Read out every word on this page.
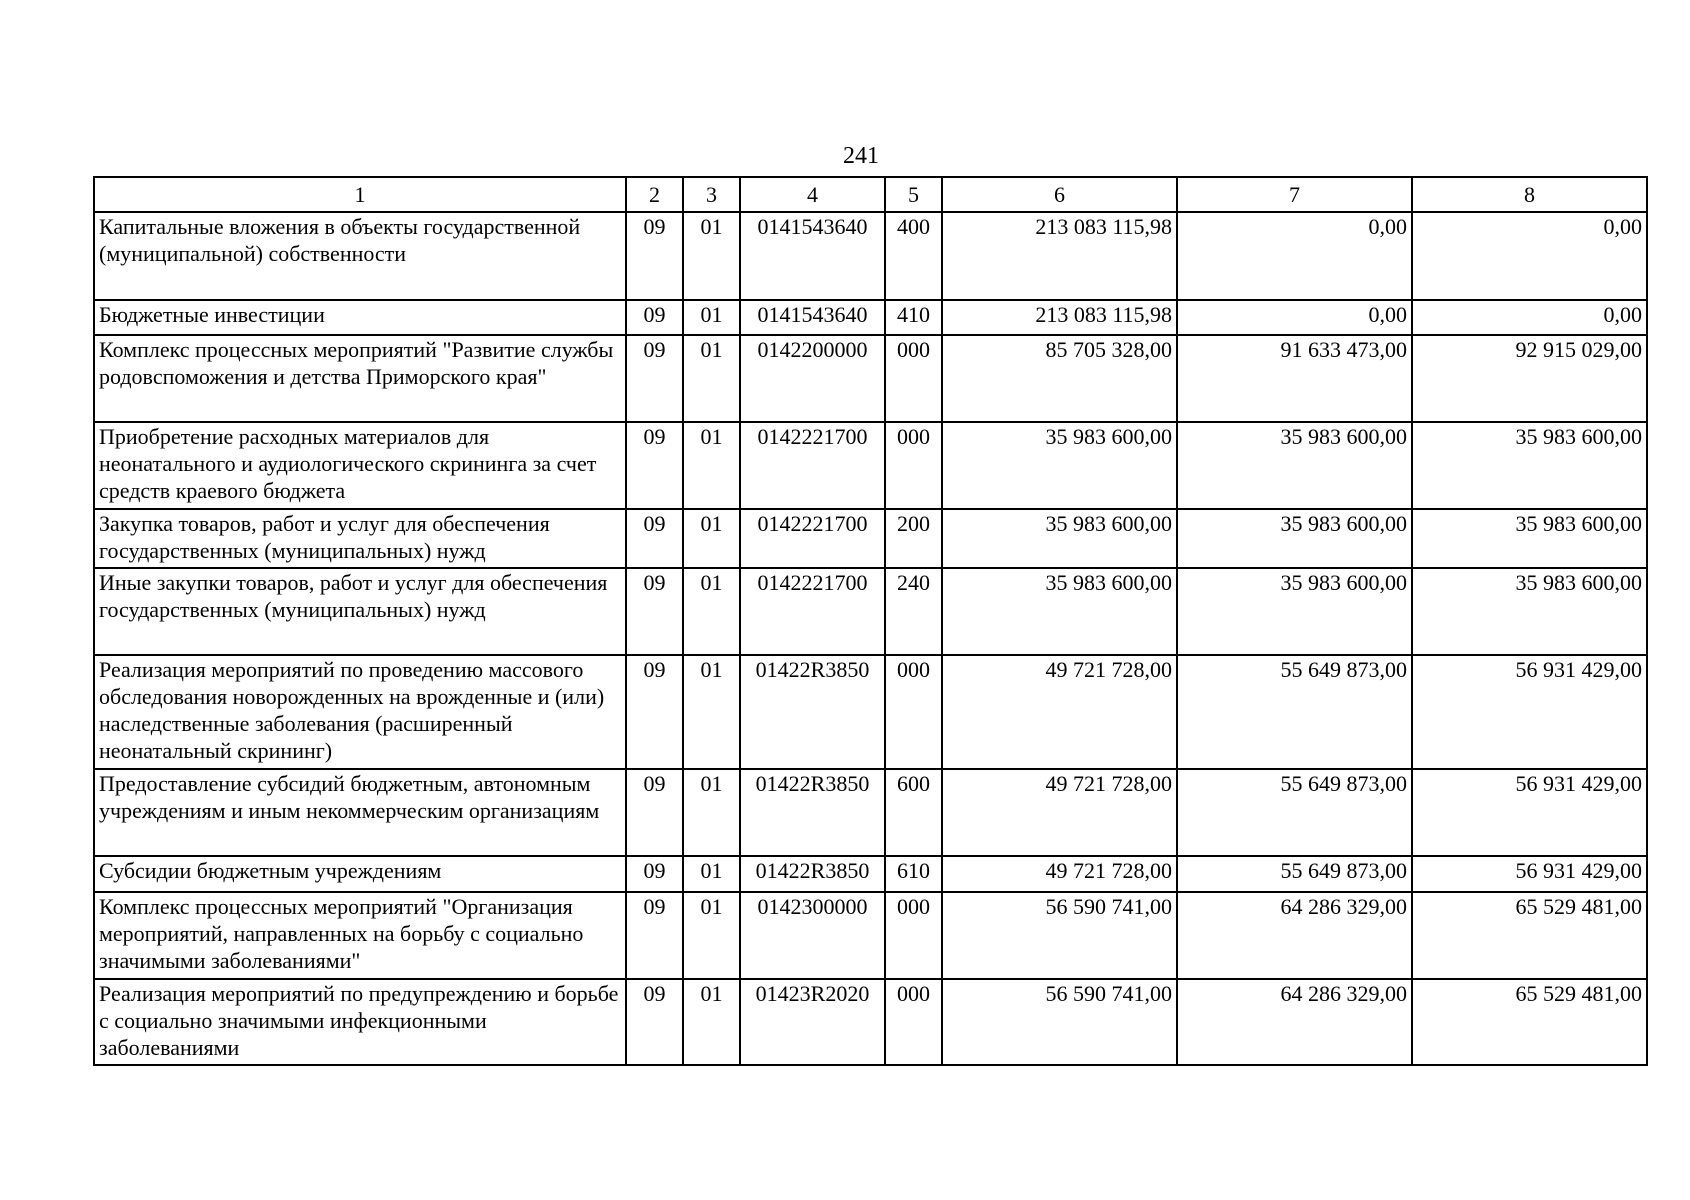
241
1	2	3	4	5	6	7	8
Капитальные вложения в объекты государственной (муниципальной) собственности	09	01	0141543640	400	213 083 115,98	0,00	0,00
Бюджетные инвестиции	09	01	0141543640	410	213 083 115,98	0,00	0,00
Комплекс процессных мероприятий "Развитие службы родовспоможения и детства Приморского края"	09	01	0142200000	000	85 705 328,00	91 633 473,00	92 915 029,00
Приобретение расходных материалов для неонатального и аудиологического скрининга за счет средств краевого бюджета	09	01	0142221700	000	35 983 600,00	35 983 600,00	35 983 600,00
Закупка товаров, работ и услуг для обеспечения государственных (муниципальных) нужд	09	01	0142221700	200	35 983 600,00	35 983 600,00	35 983 600,00
Иные закупки товаров, работ и услуг для обеспечения государственных (муниципальных) нужд	09	01	0142221700	240	35 983 600,00	35 983 600,00	35 983 600,00
Реализация мероприятий по проведению массового обследования новорожденных на врожденные и (или) наследственные заболевания (расширенный неонатальный скрининг)	09	01	01422R3850	000	49 721 728,00	55 649 873,00	56 931 429,00
Предоставление субсидий бюджетным, автономным учреждениям и иным некоммерческим организациям	09	01	01422R3850	600	49 721 728,00	55 649 873,00	56 931 429,00
Субсидии бюджетным учреждениям	09	01	01422R3850	610	49 721 728,00	55 649 873,00	56 931 429,00
Комплекс процессных мероприятий "Организация мероприятий, направленных на борьбу с социально значимыми заболеваниями"	09	01	0142300000	000	56 590 741,00	64 286 329,00	65 529 481,00
Реализация мероприятий по предупреждению и борьбе с социально значимыми инфекционными заболеваниями	09	01	01423R2020	000	56 590 741,00	64 286 329,00	65 529 481,00
